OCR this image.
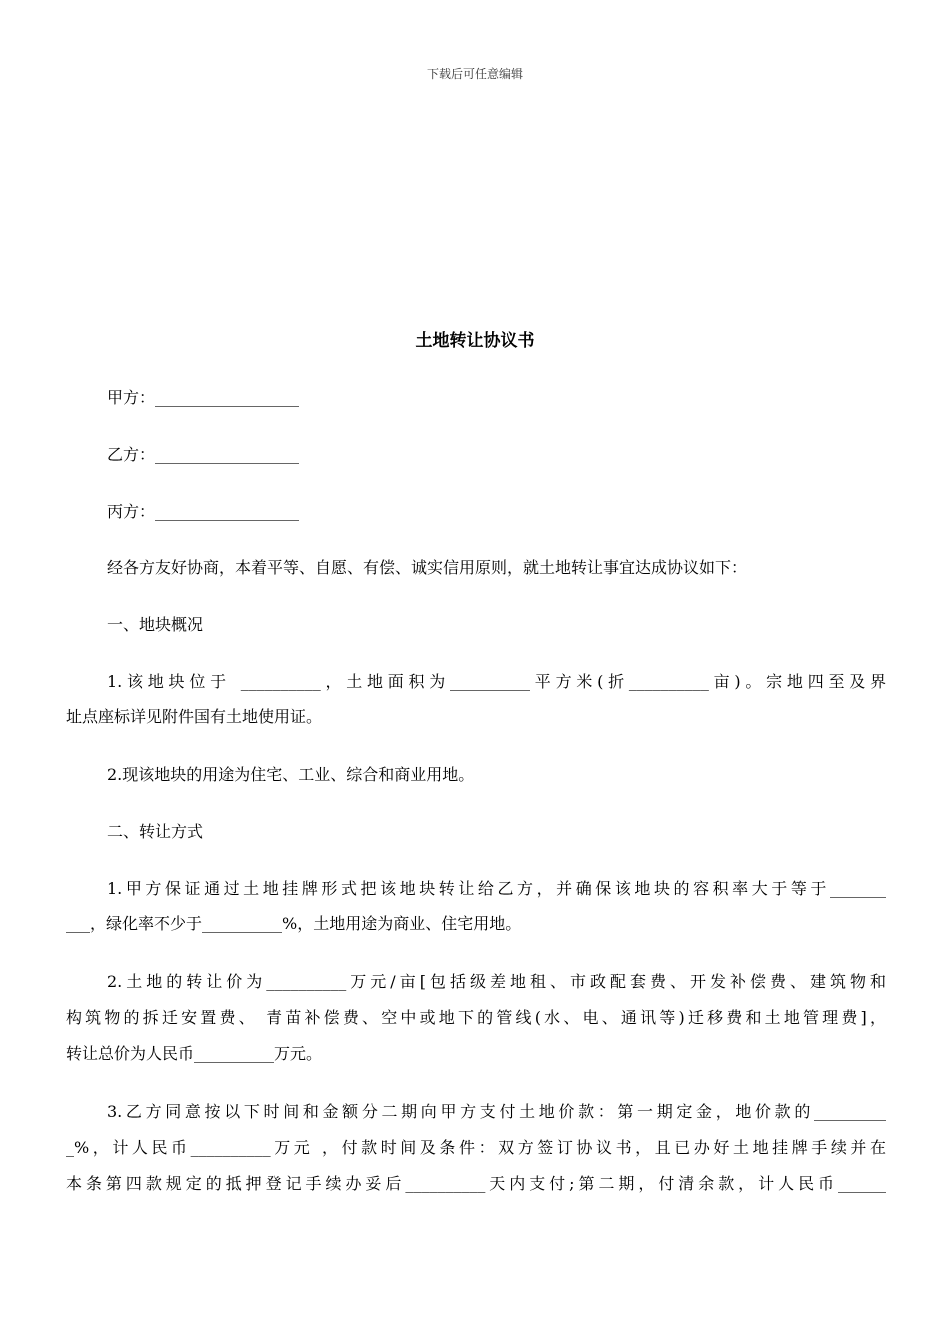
下载后可任意编辑
土地转让协议书
甲方：__________________
乙方：__________________
丙方：__________________
经各方友好协商，本着平等、自愿、有偿、诚实信用原则，就土地转让事宜达成协议如下：
一、地块概况
1.该地块位于 __________，土地面积为__________平方米(折__________亩)。宗地四至及界
址点座标详见附件国有土地使用证。
2.现该地块的用途为住宅、工业、综合和商业用地。
二、转让方式
1.甲方保证通过土地挂牌形式把该地块转让给乙方，并确保该地块的容积率大于等于_______
___，绿化率不少于__________%，土地用途为商业、住宅用地。
2.土地的转让价为__________万元/亩[包括级差地租、市政配套费、开发补偿费、建筑物和
构筑物的拆迁安置费、 青苗补偿费、空中或地下的管线(水、电、通讯等)迁移费和土地管理费]，
转让总价为人民币__________万元。
3.乙方同意按以下时间和金额分二期向甲方支付土地价款：第一期定金，地价款的_________
_%，计人民币__________万元 ，付款时间及条件：双方签订协议书，且已办好土地挂牌手续并在
本条第四款规定的抵押登记手续办妥后__________天内支付;第二期，付清余款，计人民币______
